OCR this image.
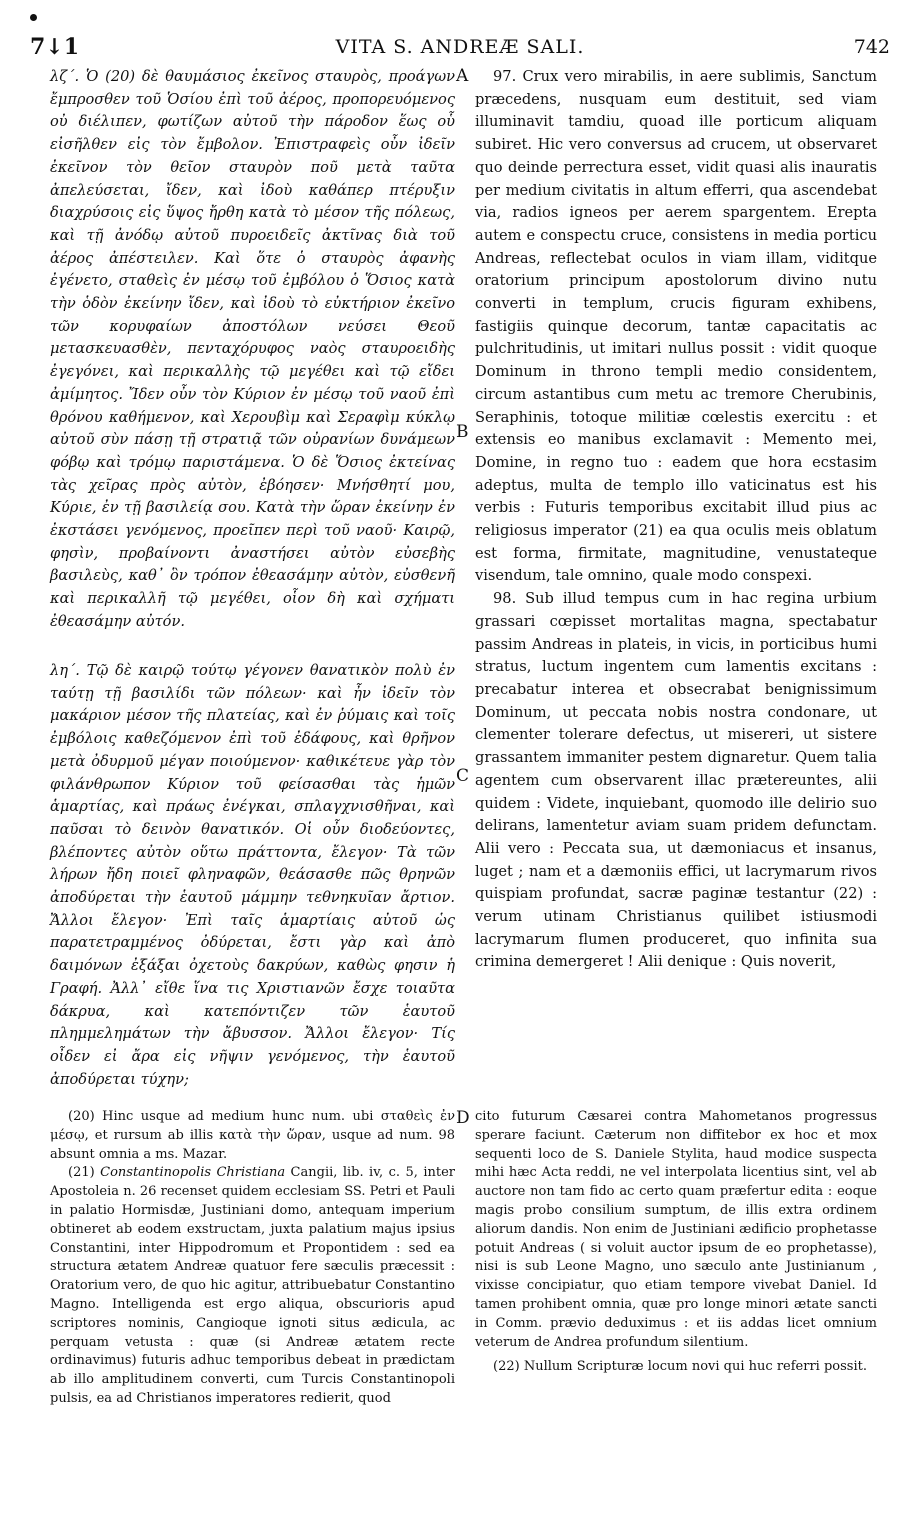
7↓1	VITA S. ANDREÆ SALI.	742
A
B
C
D

λζ΄. Ὁ (20) δὲ θαυμάσιος ἐκεῖνος σταυρὸς, προάγων ἔμπροσθεν τοῦ Ὁσίου ἐπὶ τοῦ ἀέρος, προπορευόμενος οὐ διέλιπεν, φωτίζων αὐτοῦ τὴν πάροδον ἕως οὗ εἰσῆλθεν εἰς τὸν ἔμβολον. Ἐπιστραφεὶς οὖν ἰδεῖν ἐκεῖνον τὸν θεῖον σταυρὸν ποῦ μετὰ ταῦτα ἀπελεύσεται, ἴδεν, καὶ ἰδοὺ καθάπερ πτέρυξιν διαχρύσοις εἰς ὕψος ἤρθη κατὰ τὸ μέσον τῆς πόλεως, καὶ τῇ ἀνόδῳ αὐτοῦ πυροειδεῖς ἀκτῖνας διὰ τοῦ ἀέρος ἀπέστειλεν. Καὶ ὅτε ὁ σταυρὸς ἀφανὴς ἐγένετο, σταθεὶς ἐν μέσῳ τοῦ ἐμβόλου ὁ Ὅσιος κατὰ τὴν ὁδὸν ἐκείνην ἴδεν, καὶ ἰδοὺ τὸ εὐκτήριον ἐκεῖνο τῶν κορυφαίων ἀποστόλων νεύσει Θεοῦ μετασκευασθὲν, πενταχόρυφος ναὸς σταυροειδὴς ἐγεγόνει, καὶ περικαλλὴς τῷ μεγέθει καὶ τῷ εἴδει ἀμίμητος. Ἴδεν οὖν τὸν Κύριον ἐν μέσῳ τοῦ ναοῦ ἐπὶ θρόνου καθήμενον, καὶ Χερουβὶμ καὶ Σεραφὶμ κύκλῳ αὐτοῦ σὺν πάσῃ τῇ στρατιᾷ τῶν οὐρανίων δυνάμεων φόβῳ καὶ τρόμῳ παριστάμενα. Ὁ δὲ Ὅσιος ἐκτείνας τὰς χεῖρας πρὸς αὐτὸν, ἐβόησεν· Μνήσθητί μου, Κύριε, ἐν τῇ βασιλείᾳ σου. Κατὰ τὴν ὥραν ἐκείνην ἐν ἐκστάσει γενόμενος, προεῖπεν περὶ τοῦ ναοῦ· Καιρῷ, φησὶν, προβαίνοντι ἀναστήσει αὐτὸν εὐσεβὴς βασιλεὺς, καθ᾽ ὃν τρόπον ἐθεασάμην αὐτὸν, εὐσθενῆ καὶ περικαλλῆ τῷ μεγέθει, οἷον δὴ καὶ σχήματι ἐθεασάμην αὐτόν.

λη΄. Τῷ δὲ καιρῷ τούτῳ γέγονεν θανατικὸν πολὺ ἐν ταύτῃ τῇ βασιλίδι τῶν πόλεων· καὶ ἦν ἰδεῖν τὸν μακάριον μέσον τῆς πλατείας, καὶ ἐν ῥύμαις καὶ τοῖς ἐμβόλοις καθεζόμενον ἐπὶ τοῦ ἐδάφους, καὶ θρῆνον μετὰ ὀδυρμοῦ μέγαν ποιούμενον· καθικέτευε γὰρ τὸν φιλάνθρωπον Κύριον τοῦ φείσασθαι τὰς ἡμῶν ἁμαρτίας, καὶ πράως ἐνέγκαι, σπλαγχνισθῆναι, καὶ παῦσαι τὸ δεινὸν θανατικόν. Οἱ οὖν διοδεύοντες, βλέποντες αὐτὸν οὕτω πράττοντα, ἔλεγον· Τὰ τῶν λήρων ἤδη ποιεῖ φληναφῶν, θεάσασθε πῶς θρηνῶν ἀποδύρεται τὴν ἑαυτοῦ μάμμην τεθνηκυῖαν ἄρτιον. Ἄλλοι ἔλεγον· Ἐπὶ ταῖς ἁμαρτίαις αὐτοῦ ὡς παρατετραμμένος ὀδύρεται, ἔστι γὰρ καὶ ἀπὸ δαιμόνων ἐξάξαι ὀχετοὺς δακρύων, καθὼς φησιν ἡ Γραφή. Ἀλλ᾽ εἴθε ἵνα τις Χριστιανῶν ἔσχε τοιαῦτα δάκρυα, καὶ κατεπόντιζεν τῶν ἑαυτοῦ πλημμελημάτων τὴν ἄβυσσον. Ἄλλοι ἔλεγον· Τίς οἶδεν εἰ ἄρα εἰς νῆψιν γενόμενος, τὴν ἑαυτοῦ ἀποδύρεται τύχην;

97. Crux vero mirabilis, in aere sublimis, Sanctum præcedens, nusquam eum destituit, sed viam illuminavit tamdiu, quoad ille porticum aliquam subiret. Hic vero conversus ad crucem, ut observaret quo deinde perrectura esset, vidit quasi alis inauratis per medium civitatis in altum efferri, qua ascendebat via, radios igneos per aerem spargentem. Erepta autem e conspectu cruce, consistens in media porticu Andreas, reflectebat oculos in viam illam, viditque oratorium principum apostolorum divino nutu converti in templum, crucis figuram exhibens, fastigiis quinque decorum, tantæ capacitatis ac pulchritudinis, ut imitari nullus possit : vidit quoque Dominum in throno templi medio considentem, circum astantibus cum metu ac tremore Cherubinis, Seraphinis, totoque militiæ cœlestis exercitu : et extensis eo manibus exclamavit : Memento mei, Domine, in regno tuo : eadem que hora ecstasim adeptus, multa de templo illo vaticinatus est his verbis : Futuris temporibus excitabit illud pius ac religiosus imperator (21) ea qua oculis meis oblatum est forma, firmitate, magnitudine, venustateque visendum, tale omnino, quale modo conspexi.

98. Sub illud tempus cum in hac regina urbium grassari cœpisset mortalitas magna, spectabatur passim Andreas in plateis, in vicis, in porticibus humi stratus, luctum ingentem cum lamentis excitans : precabatur interea et obsecrabat benignissimum Dominum, ut peccata nobis nostra condonare, ut clementer tolerare defectus, ut misereri, ut sistere grassantem immaniter pestem dignaretur. Quem talia agentem cum observarent illac prætereuntes, alii quidem : Videte, inquiebant, quomodo ille delirio suo delirans, lamentetur aviam suam pridem defunctam. Alii vero : Peccata sua, ut dæmoniacus et insanus, luget ; nam et a dæmoniis effici, ut lacrymarum rivos quispiam profundat, sacræ paginæ testantur (22) : verum utinam Christianus quilibet istiusmodi lacrymarum flumen produceret, quo infinita sua crimina demergeret ! Alii denique : Quis noverit,

(20) Hinc usque ad medium hunc num. ubi σταθεὶς ἐν μέσῳ, et rursum ab illis κατὰ τὴν ὥραν, usque ad num. 98 absunt omnia a ms. Mazar.

(21) Constantinopolis Christiana Cangii, lib. iv, c. 5, inter Apostoleia n. 26 recenset quidem ecclesiam SS. Petri et Pauli in palatio Hormisdæ, Justiniani domo, antequam imperium obtineret ab eodem exstructam, juxta palatium majus ipsius Constantini, inter Hippodromum et Propontidem : sed ea structura ætatem Andreæ quatuor fere sæculis præcessit : Oratorium vero, de quo hic agitur, attribuebatur Constantino Magno. Intelligenda est ergo aliqua, obscurioris apud scriptores nominis, Cangioque ignoti situs ædicula, ac perquam vetusta : quæ (si Andreæ ætatem recte ordinavimus) futuris adhuc temporibus debeat in prædictam ab illo amplitudinem converti, cum Turcis Constantinopoli pulsis, ea ad Christianos imperatores redierit, quod

cito futurum Cæsarei contra Mahometanos progressus sperare faciunt. Cæterum non diffitebor ex hoc et mox sequenti loco de S. Daniele Stylita, haud modice suspecta mihi hæc Acta reddi, ne vel interpolata licentius sint, vel ab auctore non tam fido ac certo quam præfertur edita : eoque magis probo consilium sumptum, de illis extra ordinem aliorum dandis. Non enim de Justiniani ædificio prophetasse potuit Andreas ( si voluit auctor ipsum de eo prophetasse), nisi is sub Leone Magno, uno sæculo ante Justinianum , vixisse concipiatur, quo etiam tempore vivebat Daniel. Id tamen prohibent omnia, quæ pro longe minori ætate sancti in Comm. prævio deduximus : et iis addas licet omnium veterum de Andrea profundum silentium.

(22) Nullum Scripturæ locum novi qui huc referri possit.
